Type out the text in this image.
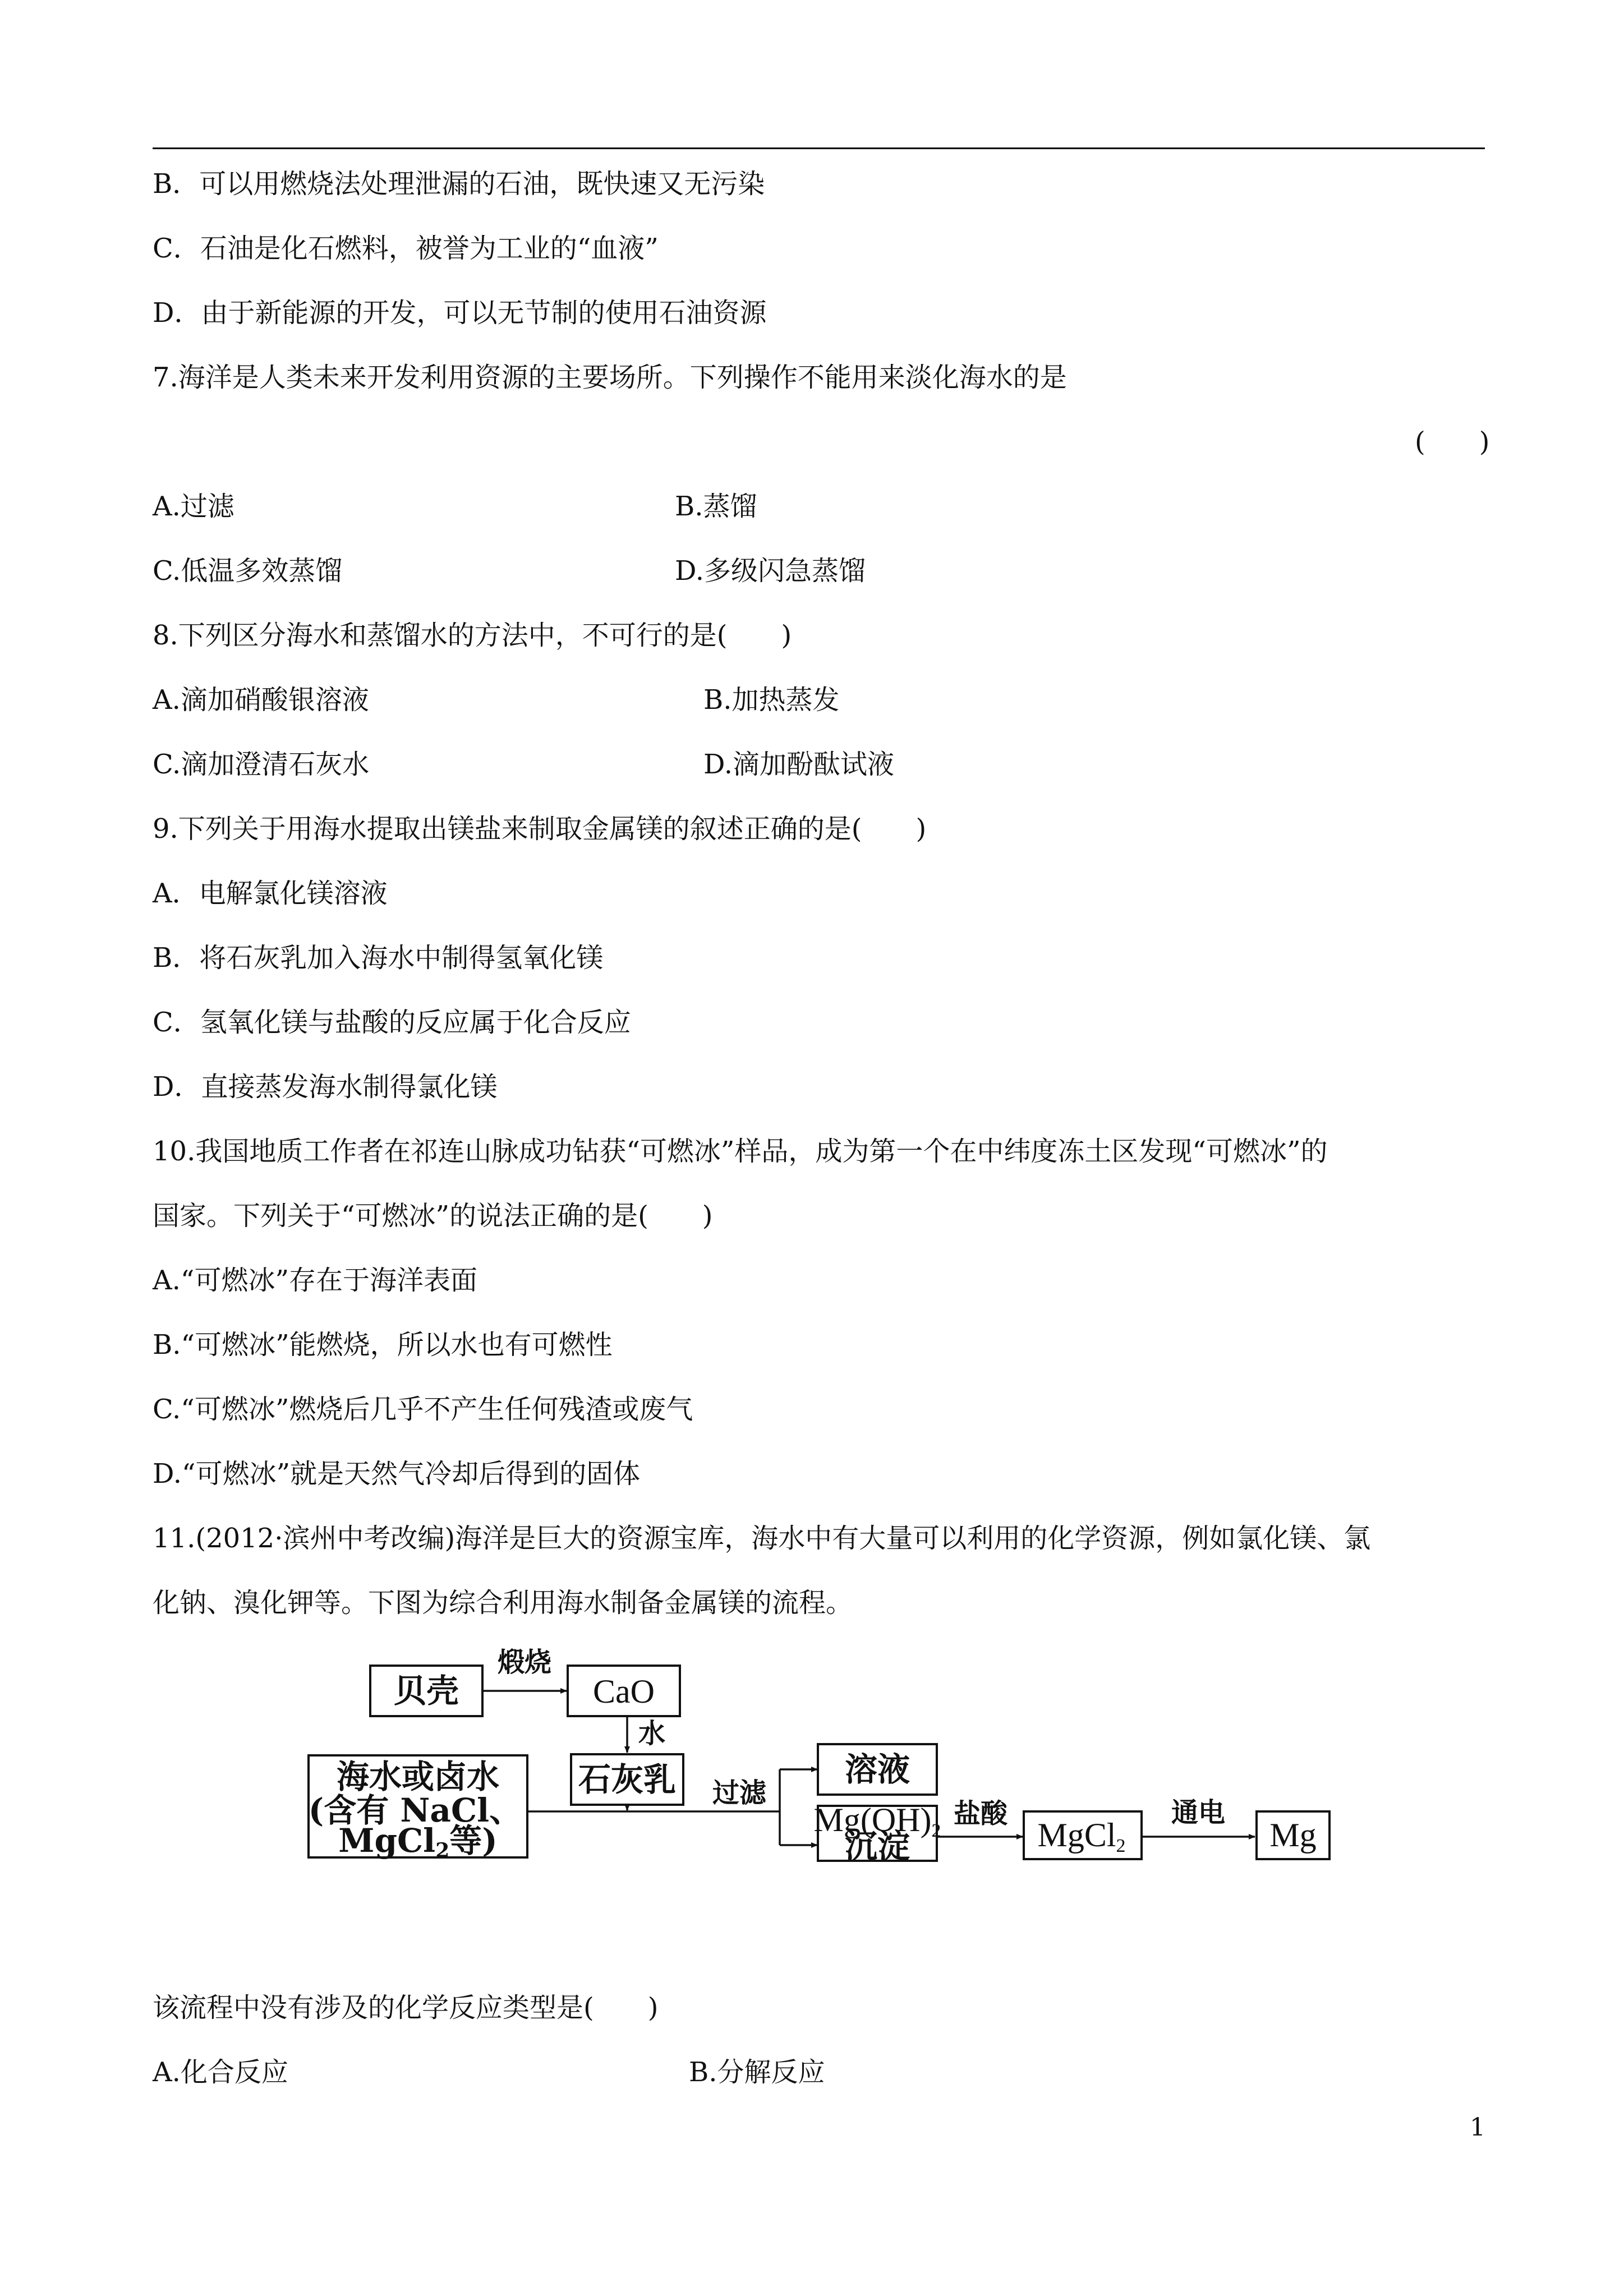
B．可以用燃烧法处理泄漏的石油，既快速又无污染
C．石油是化石燃料，被誉为工业的“血液”
D．由于新能源的开发，可以无节制的使用石油资源
7.海洋是人类未来开发利用资源的主要场所。下列操作不能用来淡化海水的是
(　　)
A.过滤	B.蒸馏
C.低温多效蒸馏	D.多级闪急蒸馏
8.下列区分海水和蒸馏水的方法中，不可行的是(　　)
A.滴加硝酸银溶液	B.加热蒸发
C.滴加澄清石灰水	D.滴加酚酞试液
9.下列关于用海水提取出镁盐来制取金属镁的叙述正确的是(　　)
A．电解氯化镁溶液
B．将石灰乳加入海水中制得氢氧化镁
C．氢氧化镁与盐酸的反应属于化合反应
D．直接蒸发海水制得氯化镁
10.我国地质工作者在祁连山脉成功钻获“可燃冰”样品，成为第一个在中纬度冻土区发现“可燃冰”的
国家。下列关于“可燃冰”的说法正确的是(　　)
A.“可燃冰”存在于海洋表面
B.“可燃冰”能燃烧，所以水也有可燃性
C.“可燃冰”燃烧后几乎不产生任何残渣或废气
D.“可燃冰”就是天然气冷却后得到的固体
11.(2012·滨州中考改编)海洋是巨大的资源宝库，海水中有大量可以利用的化学资源，例如氯化镁、氯
化钠、溴化钾等。下图为综合利用海水制备金属镁的流程。
贝壳
煅烧
CaO
水
石灰乳
海水或卤水
(含有 NaCl、
MgCl2等)
过滤
溶液
Mg(OH)2
沉淀
盐酸
MgCl2
通电
Mg
该流程中没有涉及的化学反应类型是(　　)
A.化合反应	B.分解反应
1
